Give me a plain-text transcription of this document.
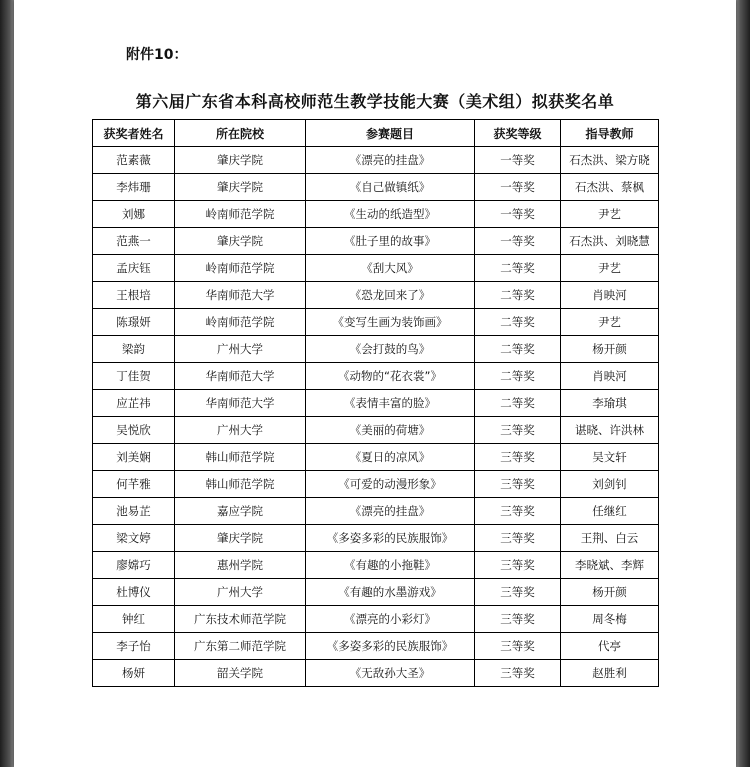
附件10：
第六届广东省本科高校师范生教学技能大赛（美术组）拟获奖名单
获奖者姓名	所在院校	参赛题目	获奖等级	指导教师
范素薇	肇庆学院	《漂亮的挂盘》	一等奖	石杰洪、梁方晓
李炜珊	肇庆学院	《自己做镇纸》	一等奖	石杰洪、蔡枫
刘娜	岭南师范学院	《生动的纸造型》	一等奖	尹艺
范燕一	肇庆学院	《肚子里的故事》	一等奖	石杰洪、刘晓慧
孟庆钰	岭南师范学院	《刮大风》	二等奖	尹艺
王根培	华南师范大学	《恐龙回来了》	二等奖	肖映河
陈璟妍	岭南师范学院	《变写生画为装饰画》	二等奖	尹艺
梁韵	广州大学	《会打鼓的鸟》	二等奖	杨开颜
丁佳贺	华南师范大学	《动物的“花衣裳”》	二等奖	肖映河
应芷祎	华南师范大学	《表情丰富的脸》	二等奖	李瑜琪
吴悦欣	广州大学	《美丽的荷塘》	三等奖	谌晓、许洪林
刘美娴	韩山师范学院	《夏日的凉风》	三等奖	吴文轩
何芊雅	韩山师范学院	《可爱的动漫形象》	三等奖	刘剑钊
池易芷	嘉应学院	《漂亮的挂盘》	三等奖	任继红
梁文婷	肇庆学院	《多姿多彩的民族服饰》	三等奖	王荆、白云
廖嫦巧	惠州学院	《有趣的小拖鞋》	三等奖	李晓斌、李辉
杜博仪	广州大学	《有趣的水墨游戏》	三等奖	杨开颜
钟红	广东技术师范学院	《漂亮的小彩灯》	三等奖	周冬梅
李子怡	广东第二师范学院	《多姿多彩的民族服饰》	三等奖	代亭
杨妍	韶关学院	《无敌孙大圣》	三等奖	赵胜利
